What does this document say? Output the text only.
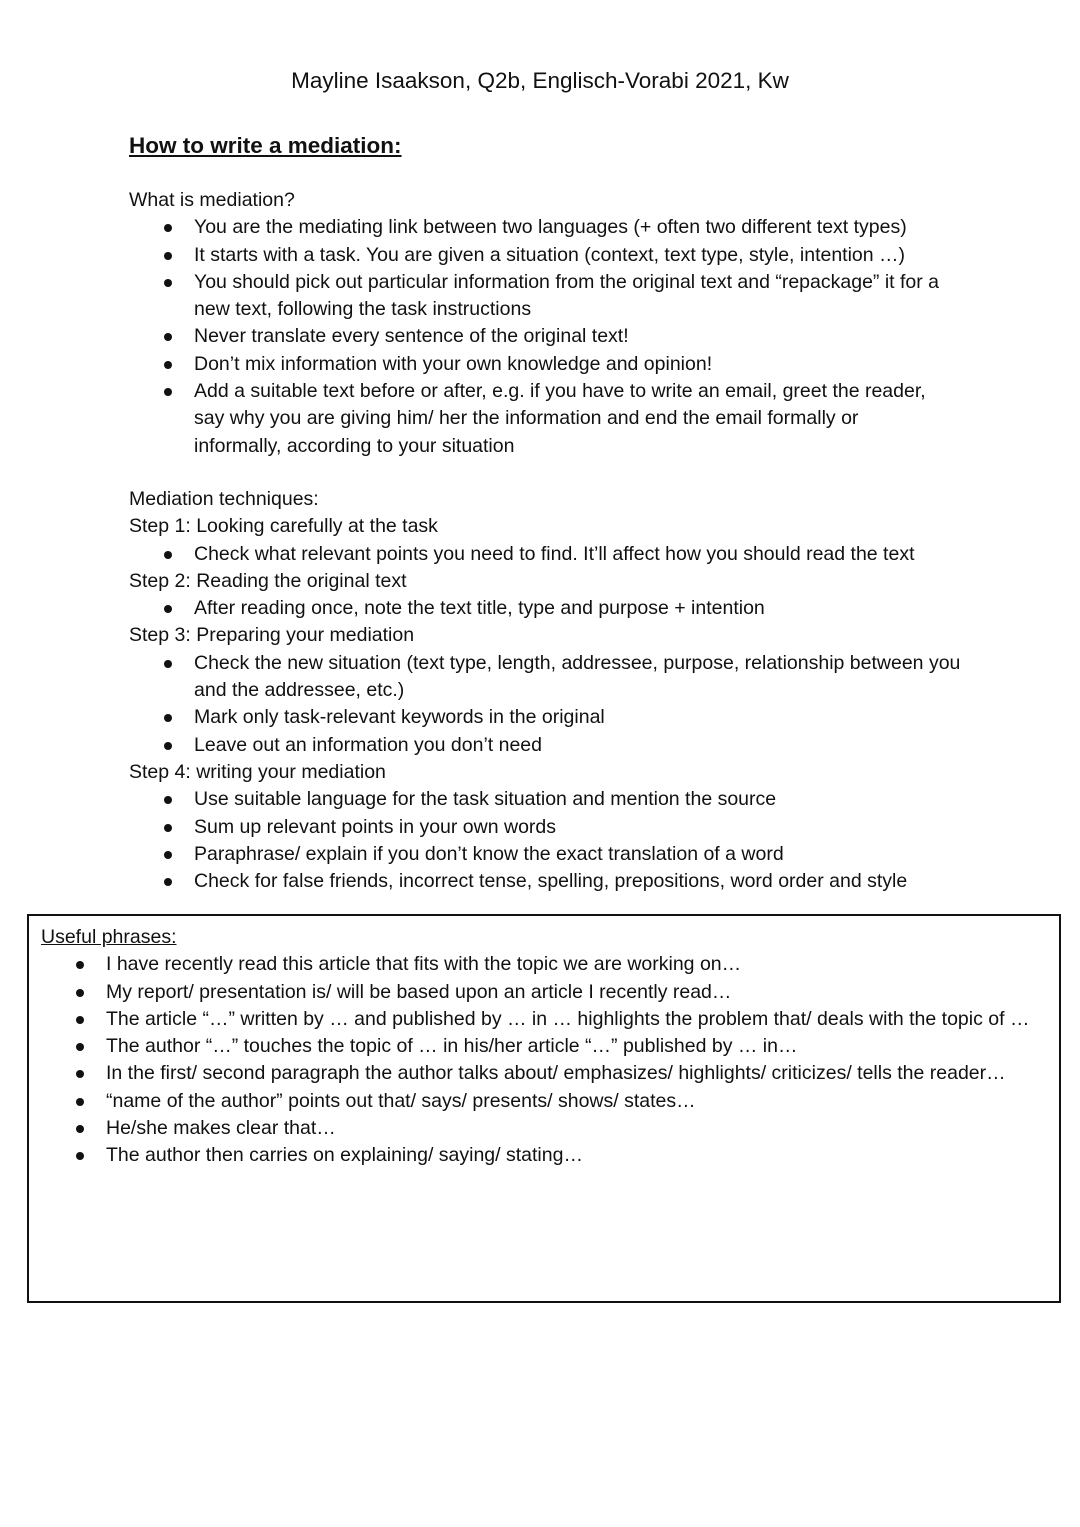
Mayline Isaakson, Q2b, Englisch-Vorabi 2021, Kw
How to write a mediation:

What is mediation?

You are the mediating link between two languages (+ often two different text types)
It starts with a task. You are given a situation (context, text type, style, intention …)
You should pick out particular information from the original text and “repackage” it for a new text, following the task instructions
Never translate every sentence of the original text!
Don’t mix information with your own knowledge and opinion!
Add a suitable text before or after, e.g. if you have to write an email, greet the reader, say why you are giving him/ her the information and end the email formally or informally, according to your situation

Mediation techniques:

Step 1: Looking carefully at the task

Check what relevant points you need to find. It’ll affect how you should read the text

Step 2: Reading the original text

After reading once, note the text title, type and purpose + intention

Step 3: Preparing your mediation

Check the new situation (text type, length, addressee, purpose, relationship between you and the addressee, etc.)
Mark only task-relevant keywords in the original
Leave out an information you don’t need

Step 4: writing your mediation

Use suitable language for the task situation and mention the source
Sum up relevant points in your own words
Paraphrase/ explain if you don’t know the exact translation of a word
Check for false friends, incorrect tense, spelling, prepositions, word order and style

Useful phrases:

I have recently read this article that fits with the topic we are working on…
My report/ presentation is/ will be based upon an article I recently read…
The article “…” written by … and published by … in … highlights the problem that/ deals with the topic of …
The author “…” touches the topic of … in his/her article “…” published by … in…
In the first/ second paragraph the author talks about/ emphasizes/ highlights/ criticizes/ tells the reader…
“name of the author” points out that/ says/ presents/ shows/ states…
He/she makes clear that…
The author then carries on explaining/ saying/ stating…
